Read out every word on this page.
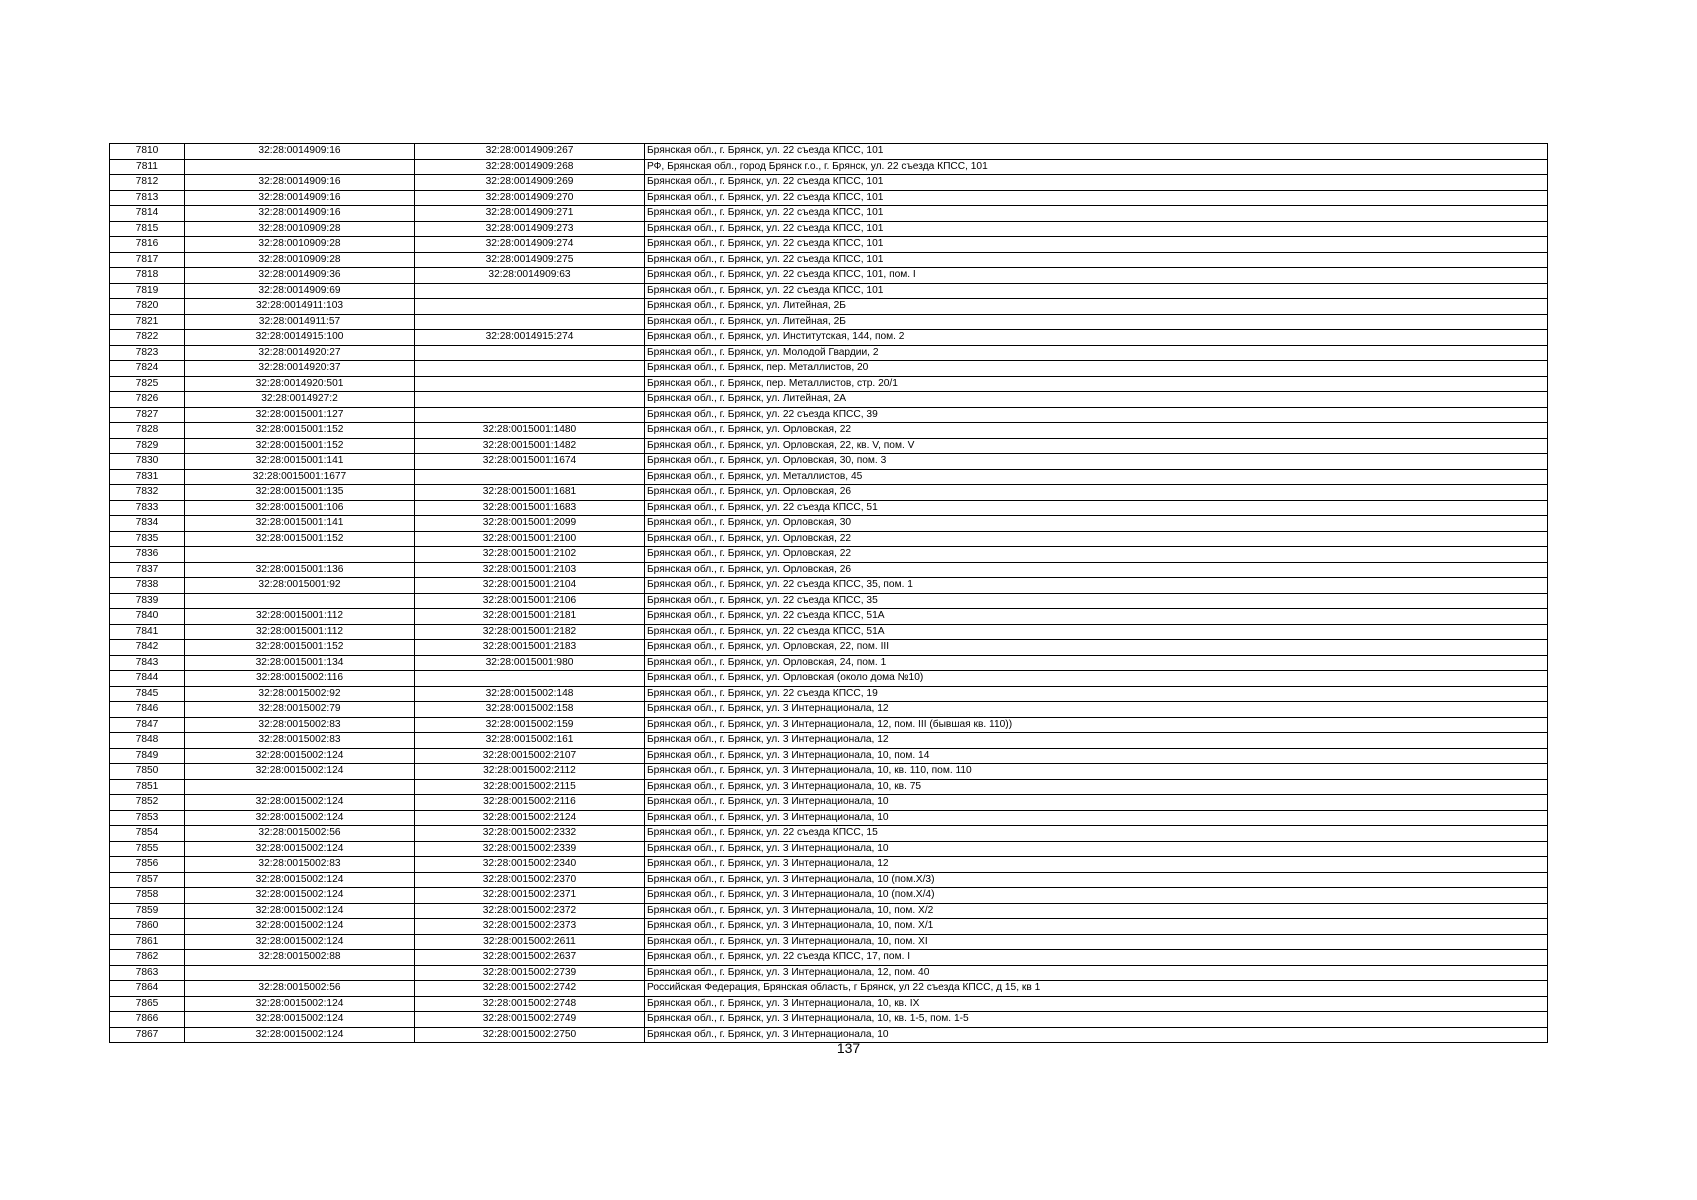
7810	32:28:0014909:16	32:28:0014909:267	Брянская обл., г. Брянск, ул. 22 съезда КПСС, 101
7811		32:28:0014909:268	РФ, Брянская обл., город Брянск г.о., г. Брянск, ул. 22 съезда КПСС, 101
7812	32:28:0014909:16	32:28:0014909:269	Брянская обл., г. Брянск, ул. 22 съезда КПСС, 101
7813	32:28:0014909:16	32:28:0014909:270	Брянская обл., г. Брянск, ул. 22 съезда КПСС, 101
7814	32:28:0014909:16	32:28:0014909:271	Брянская обл., г. Брянск, ул. 22 съезда КПСС, 101
7815	32:28:0010909:28	32:28:0014909:273	Брянская обл., г. Брянск, ул. 22 съезда КПСС, 101
7816	32:28:0010909:28	32:28:0014909:274	Брянская обл., г. Брянск, ул. 22 съезда КПСС, 101
7817	32:28:0010909:28	32:28:0014909:275	Брянская обл., г. Брянск, ул. 22 съезда КПСС, 101
7818	32:28:0014909:36	32:28:0014909:63	Брянская обл., г. Брянск, ул. 22 съезда КПСС, 101, пом. I
7819	32:28:0014909:69		Брянская обл., г. Брянск, ул. 22 съезда КПСС, 101
7820	32:28:0014911:103		Брянская обл., г. Брянск, ул. Литейная, 2Б
7821	32:28:0014911:57		Брянская обл., г. Брянск, ул. Литейная, 2Б
7822	32:28:0014915:100	32:28:0014915:274	Брянская обл., г. Брянск, ул. Институтская, 144, пом. 2
7823	32:28:0014920:27		Брянская обл., г. Брянск, ул. Молодой Гвардии, 2
7824	32:28:0014920:37		Брянская обл., г. Брянск, пер. Металлистов, 20
7825	32:28:0014920:501		Брянская обл., г. Брянск, пер. Металлистов, стр. 20/1
7826	32:28:0014927:2		Брянская обл., г. Брянск, ул. Литейная, 2А
7827	32:28:0015001:127		Брянская обл., г. Брянск, ул. 22 съезда КПСС, 39
7828	32:28:0015001:152	32:28:0015001:1480	Брянская обл., г. Брянск, ул. Орловская, 22
7829	32:28:0015001:152	32:28:0015001:1482	Брянская обл., г. Брянск, ул. Орловская, 22, кв. V, пом. V
7830	32:28:0015001:141	32:28:0015001:1674	Брянская обл., г. Брянск, ул. Орловская, 30, пом. 3
7831	32:28:0015001:1677		Брянская обл., г. Брянск, ул. Металлистов, 45
7832	32:28:0015001:135	32:28:0015001:1681	Брянская обл., г. Брянск, ул. Орловская, 26
7833	32:28:0015001:106	32:28:0015001:1683	Брянская обл., г. Брянск, ул. 22 съезда КПСС, 51
7834	32:28:0015001:141	32:28:0015001:2099	Брянская обл., г. Брянск, ул. Орловская, 30
7835	32:28:0015001:152	32:28:0015001:2100	Брянская обл., г. Брянск, ул. Орловская, 22
7836		32:28:0015001:2102	Брянская обл., г. Брянск, ул. Орловская, 22
7837	32:28:0015001:136	32:28:0015001:2103	Брянская обл., г. Брянск, ул. Орловская, 26
7838	32:28:0015001:92	32:28:0015001:2104	Брянская обл., г. Брянск, ул. 22 съезда КПСС, 35, пом. 1
7839		32:28:0015001:2106	Брянская обл., г. Брянск, ул. 22 съезда КПСС, 35
7840	32:28:0015001:112	32:28:0015001:2181	Брянская обл., г. Брянск, ул. 22 съезда КПСС, 51А
7841	32:28:0015001:112	32:28:0015001:2182	Брянская обл., г. Брянск, ул. 22 съезда КПСС, 51А
7842	32:28:0015001:152	32:28:0015001:2183	Брянская обл., г. Брянск, ул. Орловская, 22, пом. III
7843	32:28:0015001:134	32:28:0015001:980	Брянская обл., г. Брянск, ул. Орловская, 24, пом. 1
7844	32:28:0015002:116		Брянская обл., г. Брянск, ул. Орловская (около дома №10)
7845	32:28:0015002:92	32:28:0015002:148	Брянская обл., г. Брянск, ул. 22 съезда КПСС, 19
7846	32:28:0015002:79	32:28:0015002:158	Брянская обл., г. Брянск, ул. 3 Интернационала, 12
7847	32:28:0015002:83	32:28:0015002:159	Брянская обл., г. Брянск, ул. 3 Интернационала, 12, пом. III (бывшая кв. 110))
7848	32:28:0015002:83	32:28:0015002:161	Брянская обл., г. Брянск, ул. 3 Интернационала, 12
7849	32:28:0015002:124	32:28:0015002:2107	Брянская обл., г. Брянск, ул. 3 Интернационала, 10, пом. 14
7850	32:28:0015002:124	32:28:0015002:2112	Брянская обл., г. Брянск, ул. 3 Интернационала, 10, кв. 110, пом. 110
7851		32:28:0015002:2115	Брянская обл., г. Брянск, ул. 3 Интернационала, 10, кв. 75
7852	32:28:0015002:124	32:28:0015002:2116	Брянская обл., г. Брянск, ул. 3 Интернационала, 10
7853	32:28:0015002:124	32:28:0015002:2124	Брянская обл., г. Брянск, ул. 3 Интернационала, 10
7854	32:28:0015002:56	32:28:0015002:2332	Брянская обл., г. Брянск, ул. 22 съезда КПСС, 15
7855	32:28:0015002:124	32:28:0015002:2339	Брянская обл., г. Брянск, ул. 3 Интернационала, 10
7856	32:28:0015002:83	32:28:0015002:2340	Брянская обл., г. Брянск, ул. 3 Интернационала, 12
7857	32:28:0015002:124	32:28:0015002:2370	Брянская обл., г. Брянск, ул. 3 Интернационала, 10 (пом.X/3)
7858	32:28:0015002:124	32:28:0015002:2371	Брянская обл., г. Брянск, ул. 3 Интернационала, 10 (пом.X/4)
7859	32:28:0015002:124	32:28:0015002:2372	Брянская обл., г. Брянск, ул. 3 Интернационала, 10, пом. X/2
7860	32:28:0015002:124	32:28:0015002:2373	Брянская обл., г. Брянск, ул. 3 Интернационала, 10, пом. X/1
7861	32:28:0015002:124	32:28:0015002:2611	Брянская обл., г. Брянск, ул. 3 Интернационала, 10, пом. XI
7862	32:28:0015002:88	32:28:0015002:2637	Брянская обл., г. Брянск, ул. 22 съезда КПСС, 17, пом. I
7863		32:28:0015002:2739	Брянская обл., г. Брянск, ул. 3 Интернационала, 12, пом. 40
7864	32:28:0015002:56	32:28:0015002:2742	Российская Федерация, Брянская область, г Брянск, ул 22 съезда КПСС, д 15, кв 1
7865	32:28:0015002:124	32:28:0015002:2748	Брянская обл., г. Брянск, ул. 3 Интернационала, 10, кв. IX
7866	32:28:0015002:124	32:28:0015002:2749	Брянская обл., г. Брянск, ул. 3 Интернационала, 10, кв. 1-5, пом. 1-5
7867	32:28:0015002:124	32:28:0015002:2750	Брянская обл., г. Брянск, ул. 3 Интернационала, 10
137
